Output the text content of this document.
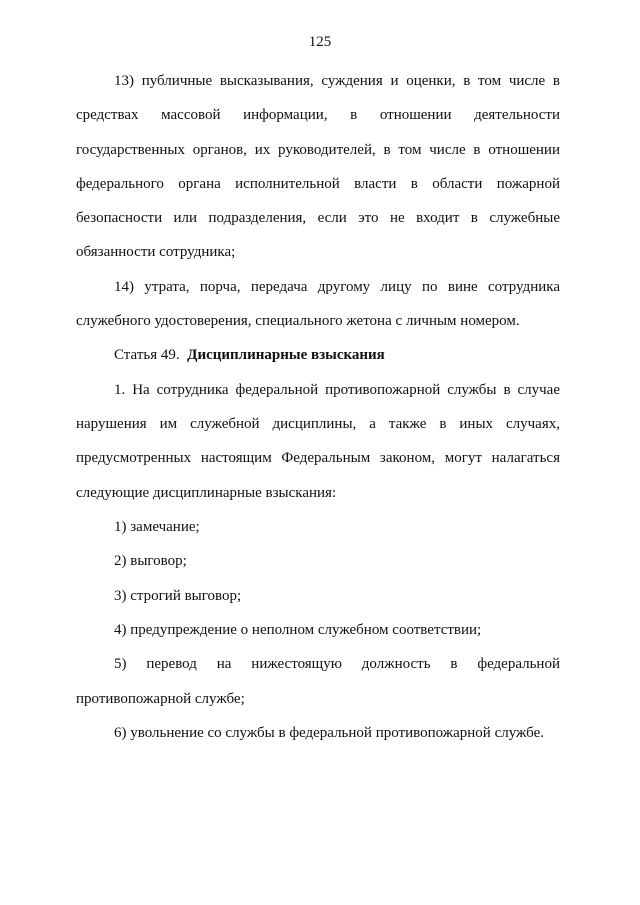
125
13) публичные высказывания, суждения и оценки, в том числе в
средствах массовой информации, в отношении деятельности
государственных органов, их руководителей, в том числе в отношении
федерального органа исполнительной власти в области пожарной
безопасности или подразделения, если это не входит в служебные
обязанности сотрудника;
14) утрата, порча, передача другому лицу по вине сотрудника
служебного удостоверения, специального жетона с личным номером.
Статья 49. Дисциплинарные взыскания
1. На сотрудника федеральной противопожарной службы в случае
нарушения им служебной дисциплины, а также в иных случаях,
предусмотренных настоящим Федеральным законом, могут налагаться
следующие дисциплинарные взыскания:
1) замечание;
2) выговор;
3) строгий выговор;
4) предупреждение о неполном служебном соответствии;
5) перевод на нижестоящую должность в федеральной
противопожарной службе;
6) увольнение со службы в федеральной противопожарной службе.
